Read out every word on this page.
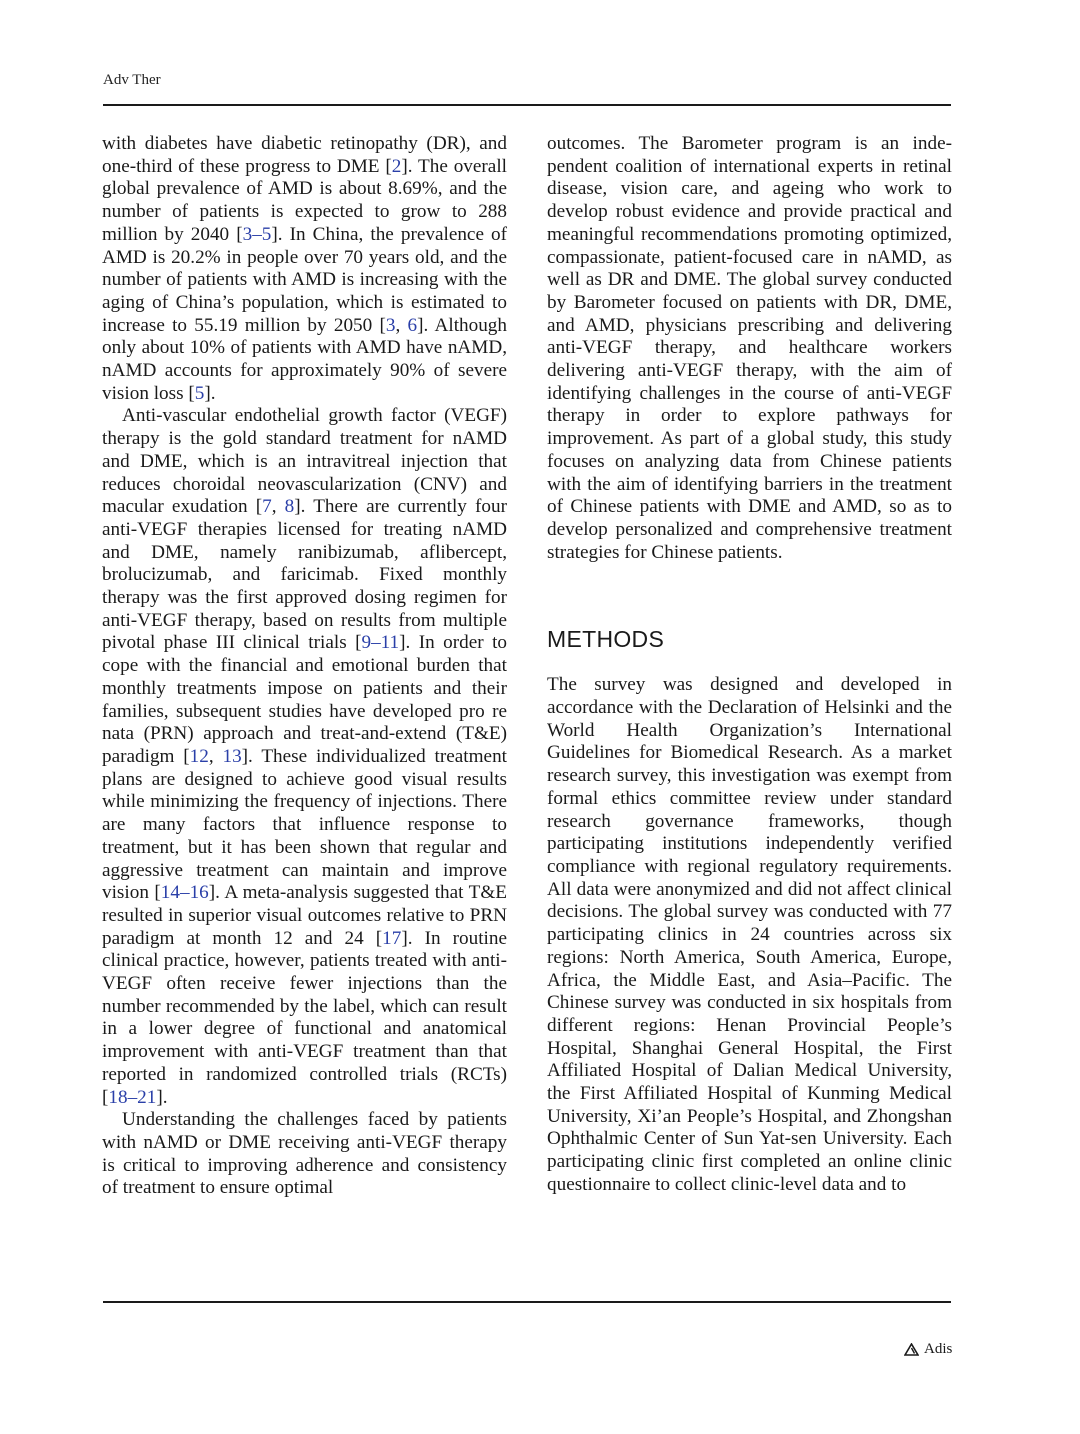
Adv Ther

with diabetes have diabetic retinopathy (DR), and one-third of these progress to DME [2]. The overall global prevalence of AMD is about 8.69%, and the number of patients is expected to grow to 288 million by 2040 [3–5]. In China, the prevalence of AMD is 20.2% in people over 70 years old, and the number of patients with AMD is increasing with the aging of China’s population, which is estimated to increase to 55.19 million by 2050 [3, 6]. Although only about 10% of patients with AMD have nAMD, nAMD accounts for approximately 90% of severe vision loss [5].

Anti-vascular endothelial growth factor (VEGF) therapy is the gold standard treatment for nAMD and DME, which is an intravitreal injection that reduces choroidal neovascularization (CNV) and macular exudation [7, 8]. There are currently four anti-VEGF therapies licensed for treating nAMD and DME, namely ranibizumab, aflibercept, brolucizumab, and faricimab. Fixed monthly therapy was the first approved dosing regimen for anti-VEGF therapy, based on results from multiple pivotal phase III clinical trials [9–11]. In order to cope with the financial and emotional burden that monthly treatments impose on patients and their families, subsequent studies have developed pro re nata (PRN) approach and treat-and-extend (T&E) paradigm [12, 13]. These individualized treatment plans are designed to achieve good visual results while minimizing the frequency of injections. There are many factors that influence response to treatment, but it has been shown that regular and aggressive treatment can maintain and improve vision [14–16]. A meta-analysis suggested that T&E resulted in superior visual outcomes relative to PRN paradigm at month 12 and 24 [17]. In routine clinical practice, however, patients treated with anti-VEGF often receive fewer injections than the number recommended by the label, which can result in a lower degree of functional and anatomical improvement with anti-VEGF treatment than that reported in randomized controlled trials (RCTs) [18–21].

Understanding the challenges faced by patients with nAMD or DME receiving anti-VEGF therapy is critical to improving adherence and consistency of treatment to ensure optimal

outcomes. The Barometer program is an independent coalition of international experts in retinal disease, vision care, and ageing who work to develop robust evidence and provide practical and meaningful recommendations promoting optimized, compassionate, patient-focused care in nAMD, as well as DR and DME. The global survey conducted by Barometer focused on patients with DR, DME, and AMD, physicians prescribing and delivering anti-VEGF therapy, and healthcare workers delivering anti-VEGF therapy, with the aim of identifying challenges in the course of anti-VEGF therapy in order to explore pathways for improvement. As part of a global study, this study focuses on analyzing data from Chinese patients with the aim of identifying barriers in the treatment of Chinese patients with DME and AMD, so as to develop personalized and comprehensive treatment strategies for Chinese patients.

METHODS

The survey was designed and developed in accordance with the Declaration of Helsinki and the World Health Organization’s International Guidelines for Biomedical Research. As a market research survey, this investigation was exempt from formal ethics committee review under standard research governance frameworks, though participating institutions independently verified compliance with regional regulatory requirements. All data were anonymized and did not affect clinical decisions. The global survey was conducted with 77 participating clinics in 24 countries across six regions: North America, South America, Europe, Africa, the Middle East, and Asia–Pacific. The Chinese survey was conducted in six hospitals from different regions: Henan Provincial People’s Hospital, Shanghai General Hospital, the First Affiliated Hospital of Dalian Medical University, the First Affiliated Hospital of Kunming Medical University, Xi’an People’s Hospital, and Zhongshan Ophthalmic Center of Sun Yat-sen University. Each participating clinic first completed an online clinic questionnaire to collect clinic-level data and to

Adis
